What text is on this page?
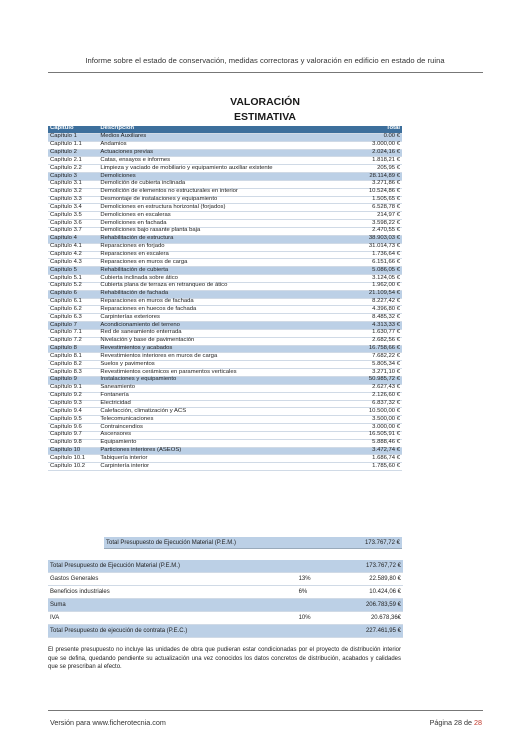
Informe sobre el estado de conservación, medidas correctoras y valoración en edificio en estado de ruina
VALORACIÓN
ESTIMATIVA
Capítulo	Descripción	Total
Capítulo 1	Medios Auxiliares	0.00 €
Capítulo 1.1	Andamios	3.000,00 €
Capítulo 2	Actuaciones previas	2.024,16 €
Capítulo 2.1	Catas, ensayos e informes	1.818,21 €
Capítulo 2.2	Limpieza y vaciado de mobiliario y equipamiento auxiliar existente	205,95 €
Capítulo 3	Demoliciones	28.114,89 €
Capítulo 3.1	Demolición de cubierta inclinada	3.271,86 €
Capítulo 3.2	Demolición de elementos no estructurales en interior	10.524,86 €
Capítulo 3.3	Desmontaje de instalaciones y equipamiento	1.505,65 €
Capítulo 3.4	Demoliciones en estructura horizontal (forjados)	6.528,78 €
Capítulo 3.5	Demoliciones en escaleras	214,97 €
Capítulo 3.6	Demoliciones en fachada	3.598,22 €
Capítulo 3.7	Demoliciones bajo rasante planta baja	2.470,55 €
Capítulo 4	Rehabilitación de estructura	38.903,03 €
Capítulo 4.1	Reparaciones en forjado	31.014,73 €
Capítulo 4.2	Reparaciones en escalera	1.736,64 €
Capítulo 4.3	Reparaciones en muros de carga	6.151,66 €
Capítulo 5	Rehabilitación de cubierta	5.086,05 €
Capítulo 5.1	Cubierta inclinada sobre ático	3.124,05 €
Capítulo 5.2	Cubierta plana de terraza en retranqueo de ático	1.962,00 €
Capítulo 6	Rehabilitación de fachada	21.109,54 €
Capítulo 6.1	Reparaciones en muros de fachada	8.227,42 €
Capítulo 6.2	Reparaciones en huecos de fachada	4.396,80 €
Capítulo 6.3	Carpinterías exteriores	8.485,32 €
Capítulo 7	Acondicionamiento del terreno	4.313,33 €
Capítulo 7.1	Red de saneamiento enterrada	1.630,77 €
Capítulo 7.2	Nivelación y base de pavimentación	2.682,56 €
Capítulo 8	Revestimientos y acabados	16.758,66 €
Capítulo 8.1	Revestimientos interiores en muros de carga	7.682,22 €
Capítulo 8.2	Suelos y pavimentos	5.805,34 €
Capítulo 8.3	Revestimientos cerámicos en paramentos verticales	3.271,10 €
Capítulo 9	Instalaciones y equipamiento	50.985,72 €
Capítulo 9.1	Saneamiento	2.627,43 €
Capítulo 9.2	Fontanería	2.126,60 €
Capítulo 9.3	Electricidad	6.837,32 €
Capítulo 9.4	Calefacción, climatización y ACS	10.500,00 €
Capítulo 9.5	Telecomunicaciones	3.500,00 €
Capítulo 9.6	Contraincendios	3.000,00 €
Capítulo 9.7	Ascensores	16.505,91 €
Capítulo 9.8	Equipamiento	5.888,46 €
Capítulo 10	Particiones interiores (ASEOS)	3.472,74 €
Capítulo 10.1	Tabiquería interior	1.686,74 €
Capítulo 10.2	Carpintería interior	1.785,60 €
Total Presupuesto de Ejecución Material (P.E.M.)	173.767,72 €
Total Presupuesto de Ejecución Material (P.E.M.)		173.767,72 €
Gastos Generales	13%	22.589,80 €
Beneficios industriales	6%	10.424,06 €
Suma		206.783,59 €
IVA	10%	20.678,36€
Total Presupuesto de ejecución de contrata (P.E.C.)		227.461,95 €
El presente presupuesto no incluye las unidades de obra que pudieran estar condicionadas por el proyecto de distribución interior que se defina, quedando pendiente su actualización una vez conocidos los datos concretos de distribución, acabados y calidades que se prescriban al efecto.
Versión para www.ficherotecnia.com	Página 28 de 28
